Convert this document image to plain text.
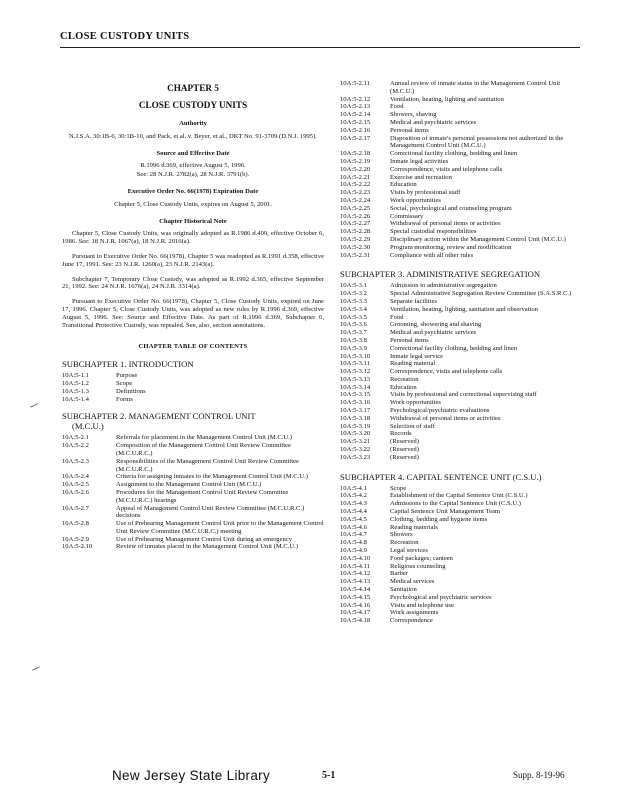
CLOSE CUSTODY UNITS
CHAPTER 5
CLOSE CUSTODY UNITS
Authority
N.J.S.A. 30:1B-6, 30:1B-10, and Pack, et al. v. Beyer, et al., DKT No. 91-3709 (D.N.J. 1995).
Source and Effective Date
R.1996 d.369, effective August 5, 1996.
See: 28 N.J.R. 2782(a), 28 N.J.R. 3791(b).
Executive Order No. 66(1978) Expiration Date
Chapter 5, Close Custody Units, expires on August 5, 2001.
Chapter Historical Note

Chapter 5, Close Custody Units, was originally adopted as R.1986 d.409, effective October 6, 1986. See: 18 N.J.R. 1067(a), 18 N.J.R. 2016(a).

Pursuant to Executive Order No. 66(1978), Chapter 5 was readopted as R.1991 d.358, effective June 17, 1991. See: 23 N.J.R. 1260(a), 23 N.J.R. 2143(a).

Subchapter 7, Temporary Close Custody, was adopted as R.1992 d.365, effective September 21, 1992. See: 24 N.J.R. 1676(a), 24 N.J.R. 3314(a).

Pursuant to Executive Order No. 66(1978), Chapter 5, Close Custody Units, expired on June 17, 1996. Chapter 5, Close Custody Units, was adopted as new rules by R.1996 d.369, effective August 5, 1996. See: Source and Effective Date. As part of R.1996 d.369, Subchapter 6, Transitional Protective Custody, was repealed. See, also, section annotations.

CHAPTER TABLE OF CONTENTS
SUBCHAPTER 1. INTRODUCTION
10A:5-1.1	Purpose
10A:5-1.2	Scope
10A:5-1.3	Definitions
10A:5-1.4	Forms
SUBCHAPTER 2. MANAGEMENT CONTROL UNIT
(M.C.U.)
10A:5-2.1	Referrals for placement in the Management Control Unit (M.C.U.)
10A:5-2.2	Composition of the Management Control Unit Review Committee (M.C.U.R.C.)
10A:5-2.3	Responsibilities of the Management Control Unit Review Committee (M.C.U.R.C.)
10A:5-2.4	Criteria for assigning inmates to the Management Control Unit (M.C.U.)
10A:5-2.5	Assignment to the Management Control Unit (M.C.U.)
10A:5-2.6	Procedures for the Management Control Unit Review Committee (M.C.U.R.C.) hearings
10A:5-2.7	Appeal of Management Control Unit Review Committee (M.C.U.R.C.) decisions
10A:5-2.8	Use of Prehearing Management Control Unit prior to the Management Control Unit Review Committee (M.C.U.R.C.) meeting
10A:5-2.9	Use of Prehearing Management Control Unit during an emergency
10A:5-2.10	Review of inmates placed in the Management Control Unit (M.C.U.)
10A:5-2.11	Annual review of inmate status in the Management Control Unit (M.C.U.)
10A:5-2.12	Ventilation, heating, lighting and sanitation
10A:5-2.13	Food
10A:5-2.14	Showers, shaving
10A:5-2.15	Medical and psychiatric services
10A:5-2.16	Personal items
10A:5-2.17	Disposition of inmate's personal possessions not authorized in the Management Control Unit (M.C.U.)
10A:5-2.18	Correctional facility clothing, bedding and linen
10A:5-2.19	Inmate legal activities
10A:5-2.20	Correspondence, visits and telephone calls
10A:5-2.21	Exercise and recreation
10A:5-2.22	Education
10A:5-2.23	Visits by professional staff
10A:5-2.24	Work opportunities
10A:5-2.25	Social, psychological and counseling program
10A:5-2.26	Commissary
10A:5-2.27	Withdrawal of personal items or activities
10A:5-2.28	Special custodial responsibilities
10A:5-2.29	Disciplinary action within the Management Control Unit (M.C.U.)
10A:5-2.30	Program monitoring, review and modification
10A:5-2.31	Compliance with all other rules
SUBCHAPTER 3. ADMINISTRATIVE SEGREGATION
10A:5-3.1	Admission to administrative segregation
10A:5-3.2	Special Administrative Segregation Review Committee (S.A.S.R.C.)
10A:5-3.3	Separate facilities
10A:5-3.4	Ventilation, heating, lighting, sanitation and observation
10A:5-3.5	Food
10A:5-3.6	Grooming, showering and shaving
10A:5-3.7	Medical and psychiatric services
10A:5-3.8	Personal items
10A:5-3.9	Correctional facility clothing, bedding and linen
10A:5-3.10	Inmate legal service
10A:5-3.11	Reading material
10A:5-3.12	Correspondence, visits and telephone calls
10A:5-3.13	Recreation
10A:5-3.14	Education
10A:5-3.15	Visits by professional and correctional supervising staff
10A:5-3.16	Work opportunities
10A:5-3.17	Psychological/psychiatric evaluations
10A:5-3.18	Withdrawal of personal items or activities
10A:5-3.19	Selection of staff
10A:5-3.20	Records
10A:5-3.21	(Reserved)
10A:5-3.22	(Reserved)
10A:5-3.23	(Reserved)
SUBCHAPTER 4. CAPITAL SENTENCE UNIT (C.S.U.)
10A:5-4.1	Scope
10A:5-4.2	Establishment of the Capital Sentence Unit (C.S.U.)
10A:5-4.3	Admissions to the Capital Sentence Unit (C.S.U.)
10A:5-4.4	Capital Sentence Unit Management Team
10A:5-4.5	Clothing, bedding and hygiene items
10A:5-4.6	Reading materials
10A:5-4.7	Showers
10A:5-4.8	Recreation
10A:5-4.9	Legal services
10A:5-4.10	Food packages; canteen
10A:5-4.11	Religious counseling
10A:5-4.12	Barber
10A:5-4.13	Medical services
10A:5-4.14	Sanitation
10A:5-4.15	Psychological and psychiatric services
10A:5-4.16	Visits and telephone use
10A:5-4.17	Work assignments
10A:5-4.18	Correspondence
New Jersey State Library	5-1	Supp. 8-19-96
